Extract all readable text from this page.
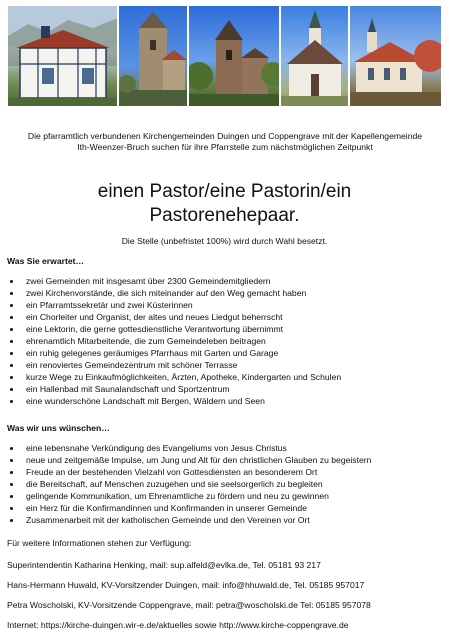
Die pfarramtlich verbundenen Kirchengemeinden Duingen und Coppengrave mit der Kapellengemeinde Ith-Weenzer-Bruch suchen für ihre Pfarrstelle zum nächstmöglichen Zeitpunkt
einen Pastor/eine Pastorin/ein
Pastorenehepaar.
Die Stelle (unbefristet 100%) wird durch Wahl besetzt.
Was Sie erwartet…
zwei Gemeinden mit insgesamt über 2300 Gemeindemitgliedern
zwei Kirchenvorstände, die sich miteinander auf den Weg gemacht haben
ein Pfarramtssekretär und zwei Küsterinnen
ein Chorleiter und Organist, der altes und neues Liedgut beherrscht
eine Lektorin, die gerne gottesdienstliche Verantwortung übernimmt
ehrenamtlich Mitarbeitende, die zum Gemeindeleben beitragen
ein ruhig gelegenes geräumiges Pfarrhaus mit Garten und Garage
ein renoviertes Gemeindezentrum mit schöner Terrasse
kurze Wege zu Einkaufmöglichkeiten, Ärzten, Apotheke, Kindergarten und Schulen
ein Hallenbad mit Saunalandschaft und Sportzentrum
eine wunderschöne Landschaft mit Bergen, Wäldern und Seen
Was wir uns wünschen…
eine lebensnahe Verkündigung des Evangeliums von Jesus Christus
neue und zeitgemäße Impulse, um Jung und Alt für den christlichen Glauben zu begeistern
Freude an der bestehenden Vielzahl von Gottesdiensten an besonderem Ort
die Bereitschaft, auf Menschen zuzugehen und sie seelsorgerlich zu begleiten
gelingende Kommunikation, um Ehrenamtliche zu fördern und neu zu gewinnen
ein Herz für die Konfirmandinnen und Konfirmanden in unserer Gemeinde
Zusammenarbeit mit der katholischen Gemeinde und den Vereinen vor Ort
Für weitere Informationen stehen zur Verfügung:
Superintendentin Katharina Henking, mail: sup.alfeld@evlka.de, Tel. 05181 93 217
Hans-Hermann Huwald, KV-Vorsitzender Duingen, mail: info@hhuwald.de, Tel. 05185 957017
Petra Woscholski, KV-Vorsitzende Coppengrave, mail: petra@woscholski.de Tel: 05185 957078
Internet: https://kirche-duingen.wir-e.de/aktuelles sowie http://www.kirche-coppengrave.de
